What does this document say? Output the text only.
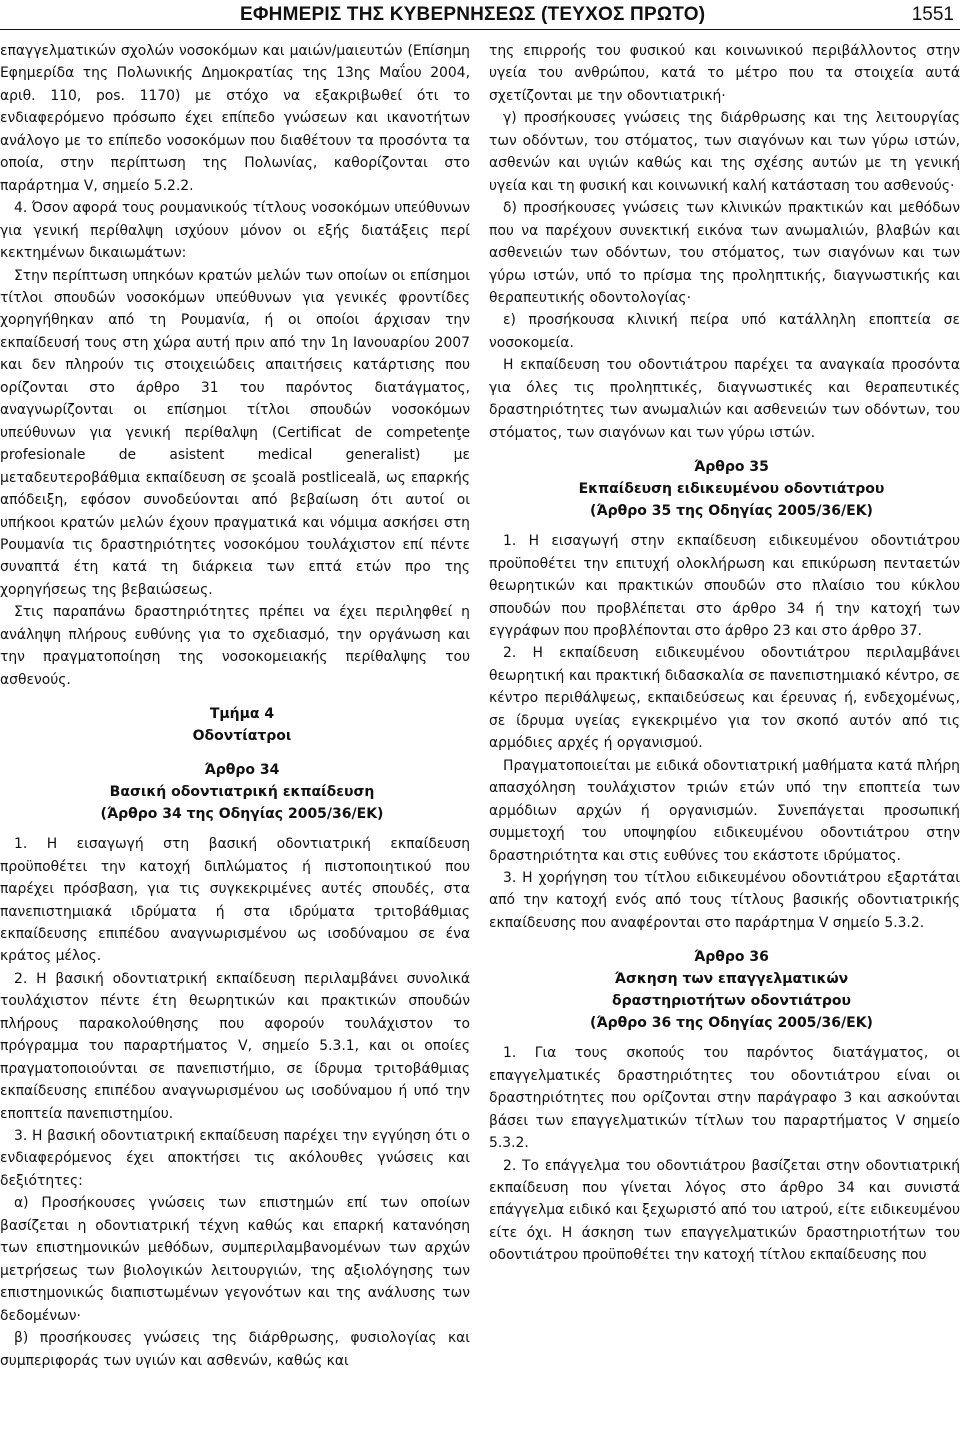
ΕΦΗΜΕΡΙΣ ΤΗΣ ΚΥΒΕΡΝΗΣΕΩΣ (ΤΕΥΧΟΣ ΠΡΩΤΟ)	1551

επαγγελματικών σχολών νοσοκόμων και μαιών/μαιευτών (Επίσημη Εφημερίδα της Πολωνικής Δημοκρατίας της 13ης Μαΐου 2004, αριθ. 110, pos. 1170) με στόχο να εξακριβωθεί ότι το ενδιαφερόμενο πρόσωπο έχει επίπεδο γνώσεων και ικανοτήτων ανάλογο με το επίπεδο νοσοκόμων που διαθέτουν τα προσόντα τα οποία, στην περίπτωση της Πολωνίας, καθορίζονται στο παράρτημα V, σημείο 5.2.2.

4. Όσον αφορά τους ρουμανικούς τίτλους νοσοκόμων υπεύθυνων για γενική περίθαλψη ισχύουν μόνον οι εξής διατάξεις περί κεκτημένων δικαιωμάτων:

Στην περίπτωση υπηκόων κρατών μελών των οποίων οι επίσημοι τίτλοι σπουδών νοσοκόμων υπεύθυνων για γενικές φροντίδες χορηγήθηκαν από τη Ρουμανία, ή οι οποίοι άρχισαν την εκπαίδευσή τους στη χώρα αυτή πριν από την 1η Ιανουαρίου 2007 και δεν πληρούν τις στοιχειώδεις απαιτήσεις κατάρτισης που ορίζονται στο άρθρο 31 του παρόντος διατάγματος, αναγνωρίζονται οι επίσημοι τίτλοι σπουδών νοσοκόμων υπεύθυνων για γενική περίθαλψη (Certificat de competenţe profesionale de asistent medical generalist) με μεταδευτεροβάθμια εκπαίδευση σε şcoală postliceală, ως επαρκής απόδειξη, εφόσον συνοδεύονται από βεβαίωση ότι αυτοί οι υπήκοοι κρατών μελών έχουν πραγματικά και νόμιμα ασκήσει στη Ρουμανία τις δραστηριότητες νοσοκόμου τουλάχιστον επί πέντε συναπτά έτη κατά τη διάρκεια των επτά ετών προ της χορηγήσεως της βεβαιώσεως.

Στις παραπάνω δραστηριότητες πρέπει να έχει περιληφθεί η ανάληψη πλήρους ευθύνης για το σχεδιασμό, την οργάνωση και την πραγματοποίηση της νοσοκομειακής περίθαλψης του ασθενούς.

Τμήμα 4

Οδοντίατροι

Άρθρο 34

Βασική οδοντιατρική εκπαίδευση

(Άρθρο 34 της Οδηγίας 2005/36/ΕΚ)

1. Η εισαγωγή στη βασική οδοντιατρική εκπαίδευση προϋποθέτει την κατοχή διπλώματος ή πιστοποιητικού που παρέχει πρόσβαση, για τις συγκεκριμένες αυτές σπουδές, στα πανεπιστημιακά ιδρύματα ή στα ιδρύματα τριτοβάθμιας εκπαίδευσης επιπέδου αναγνωρισμένου ως ισοδύναμου σε ένα κράτος μέλος.

2. Η βασική οδοντιατρική εκπαίδευση περιλαμβάνει συνολικά τουλάχιστον πέντε έτη θεωρητικών και πρακτικών σπουδών πλήρους παρακολούθησης που αφορούν τουλάχιστον το πρόγραμμα του παραρτήματος V, σημείο 5.3.1, και οι οποίες πραγματοποιούνται σε πανεπιστήμιο, σε ίδρυμα τριτοβάθμιας εκπαίδευσης επιπέδου αναγνωρισμένου ως ισοδύναμου ή υπό την εποπτεία πανεπιστημίου.

3. Η βασική οδοντιατρική εκπαίδευση παρέχει την εγγύηση ότι ο ενδιαφερόμενος έχει αποκτήσει τις ακόλουθες γνώσεις και δεξιότητες:

α) Προσήκουσες γνώσεις των επιστημών επί των οποίων βασίζεται η οδοντιατρική τέχνη καθώς και επαρκή κατανόηση των επιστημονικών μεθόδων, συμπεριλαμβανομένων των αρχών μετρήσεως των βιολογικών λειτουργιών, της αξιολόγησης των επιστημονικώς διαπιστωμένων γεγονότων και της ανάλυσης των δεδομένων·

β) προσήκουσες γνώσεις της διάρθρωσης, φυσιολογίας και συμπεριφοράς των υγιών και ασθενών, καθώς και

της επιρροής του φυσικού και κοινωνικού περιβάλλοντος στην υγεία του ανθρώπου, κατά το μέτρο που τα στοιχεία αυτά σχετίζονται με την οδοντιατρική·

γ) προσήκουσες γνώσεις της διάρθρωσης και της λειτουργίας των οδόντων, του στόματος, των σιαγόνων και των γύρω ιστών, ασθενών και υγιών καθώς και της σχέσης αυτών με τη γενική υγεία και τη φυσική και κοινωνική καλή κατάσταση του ασθενούς·

δ) προσήκουσες γνώσεις των κλινικών πρακτικών και μεθόδων που να παρέχουν συνεκτική εικόνα των ανωμαλιών, βλαβών και ασθενειών των οδόντων, του στόματος, των σιαγόνων και των γύρω ιστών, υπό το πρίσμα της προληπτικής, διαγνωστικής και θεραπευτικής οδοντολογίας·

ε) προσήκουσα κλινική πείρα υπό κατάλληλη εποπτεία σε νοσοκομεία.

Η εκπαίδευση του οδοντιάτρου παρέχει τα αναγκαία προσόντα για όλες τις προληπτικές, διαγνωστικές και θεραπευτικές δραστηριότητες των ανωμαλιών και ασθενειών των οδόντων, του στόματος, των σιαγόνων και των γύρω ιστών.

Άρθρο 35

Εκπαίδευση ειδικευμένου οδοντιάτρου

(Άρθρο 35 της Οδηγίας 2005/36/ΕΚ)

1. Η εισαγωγή στην εκπαίδευση ειδικευμένου οδοντιάτρου προϋποθέτει την επιτυχή ολοκλήρωση και επικύρωση πενταετών θεωρητικών και πρακτικών σπουδών στο πλαίσιο του κύκλου σπουδών που προβλέπεται στο άρθρο 34 ή την κατοχή των εγγράφων που προβλέπονται στο άρθρο 23 και στο άρθρο 37.

2. Η εκπαίδευση ειδικευμένου οδοντιάτρου περιλαμβάνει θεωρητική και πρακτική διδασκαλία σε πανεπιστημιακό κέντρο, σε κέντρο περιθάλψεως, εκπαιδεύσεως και έρευνας ή, ενδεχομένως, σε ίδρυμα υγείας εγκεκριμένο για τον σκοπό αυτόν από τις αρμόδιες αρχές ή οργανισμού.

Πραγματοποιείται με ειδικά οδοντιατρική μαθήματα κατά πλήρη απασχόληση τουλάχιστον τριών ετών υπό την εποπτεία των αρμόδιων αρχών ή οργανισμών. Συνεπάγεται προσωπική συμμετοχή του υποψηφίου ειδικευμένου οδοντιάτρου στην δραστηριότητα και στις ευθύνες του εκάστοτε ιδρύματος.

3. Η χορήγηση του τίτλου ειδικευμένου οδοντιάτρου εξαρτάται από την κατοχή ενός από τους τίτλους βασικής οδοντιατρικής εκπαίδευσης που αναφέρονται στο παράρτημα V σημείο 5.3.2.

Άρθρο 36

Άσκηση των επαγγελματικών

δραστηριοτήτων οδοντιάτρου

(Άρθρο 36 της Οδηγίας 2005/36/ΕΚ)

1. Για τους σκοπούς του παρόντος διατάγματος, οι επαγγελματικές δραστηριότητες του οδοντιάτρου είναι οι δραστηριότητες που ορίζονται στην παράγραφο 3 και ασκούνται βάσει των επαγγελματικών τίτλων του παραρτήματος V σημείο 5.3.2.

2. Το επάγγελμα του οδοντιάτρου βασίζεται στην οδοντιατρική εκπαίδευση που γίνεται λόγος στο άρθρο 34 και συνιστά επάγγελμα ειδικό και ξεχωριστό από του ιατρού, είτε ειδικευμένου είτε όχι. Η άσκηση των επαγγελματικών δραστηριοτήτων του οδοντιάτρου προϋποθέτει την κατοχή τίτλου εκπαίδευσης που
